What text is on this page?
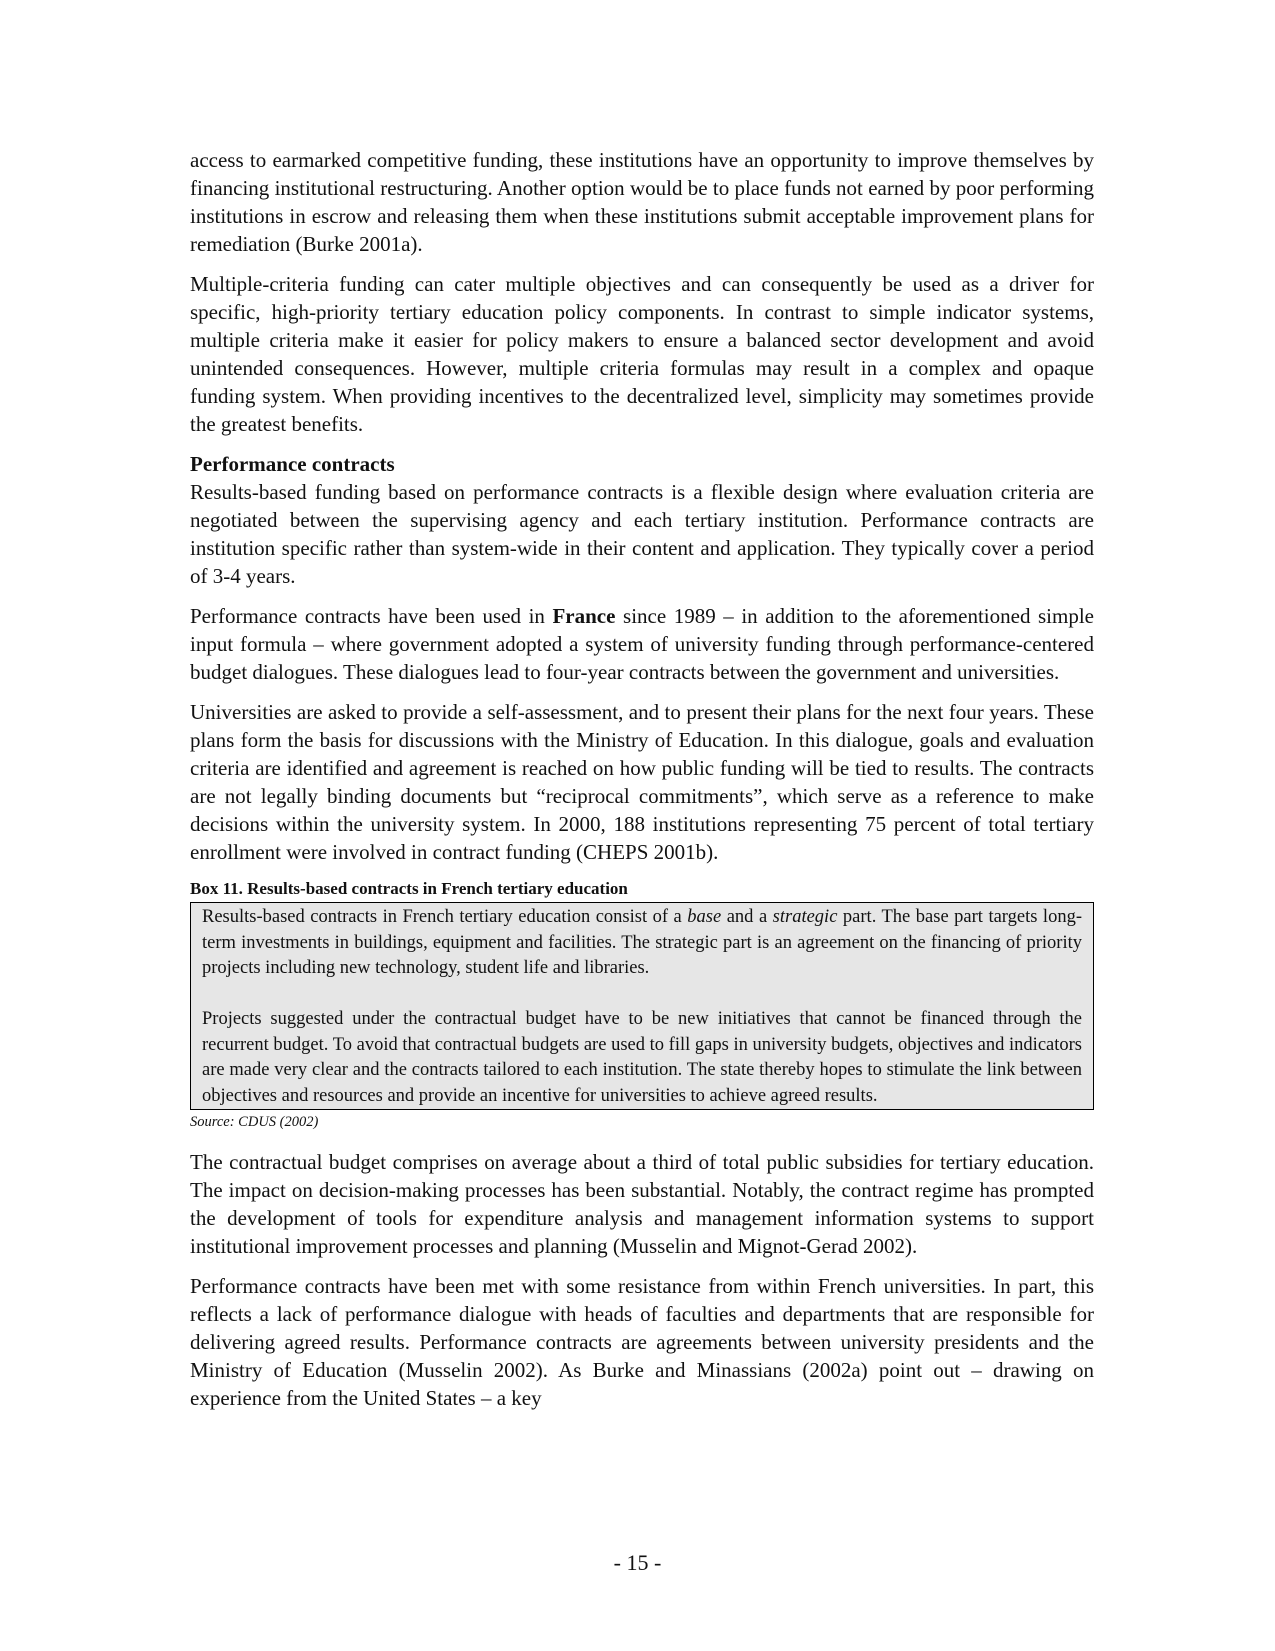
access to earmarked competitive funding, these institutions have an opportunity to improve themselves by financing institutional restructuring. Another option would be to place funds not earned by poor performing institutions in escrow and releasing them when these institutions submit acceptable improvement plans for remediation (Burke 2001a).

Multiple-criteria funding can cater multiple objectives and can consequently be used as a driver for specific, high-priority tertiary education policy components. In contrast to simple indicator systems, multiple criteria make it easier for policy makers to ensure a balanced sector development and avoid unintended consequences. However, multiple criteria formulas may result in a complex and opaque funding system. When providing incentives to the decentralized level, simplicity may sometimes provide the greatest benefits.

Performance contracts

Results-based funding based on performance contracts is a flexible design where evaluation criteria are negotiated between the supervising agency and each tertiary institution. Performance contracts are institution specific rather than system-wide in their content and application. They typically cover a period of 3-4 years.

Performance contracts have been used in France since 1989 – in addition to the aforementioned simple input formula – where government adopted a system of university funding through performance-centered budget dialogues. These dialogues lead to four-year contracts between the government and universities.

Universities are asked to provide a self-assessment, and to present their plans for the next four years. These plans form the basis for discussions with the Ministry of Education. In this dialogue, goals and evaluation criteria are identified and agreement is reached on how public funding will be tied to results. The contracts are not legally binding documents but “reciprocal commitments”, which serve as a reference to make decisions within the university system. In 2000, 188 institutions representing 75 percent of total tertiary enrollment were involved in contract funding (CHEPS 2001b).

Box 11. Results-based contracts in French tertiary education

Results-based contracts in French tertiary education consist of a base and a strategic part. The base part targets long-term investments in buildings, equipment and facilities. The strategic part is an agreement on the financing of priority projects including new technology, student life and libraries.

Projects suggested under the contractual budget have to be new initiatives that cannot be financed through the recurrent budget. To avoid that contractual budgets are used to fill gaps in university budgets, objectives and indicators are made very clear and the contracts tailored to each institution. The state thereby hopes to stimulate the link between objectives and resources and provide an incentive for universities to achieve agreed results.

Source: CDUS (2002)

The contractual budget comprises on average about a third of total public subsidies for tertiary education. The impact on decision-making processes has been substantial. Notably, the contract regime has prompted the development of tools for expenditure analysis and management information systems to support institutional improvement processes and planning (Musselin and Mignot-Gerad 2002).

Performance contracts have been met with some resistance from within French universities. In part, this reflects a lack of performance dialogue with heads of faculties and departments that are responsible for delivering agreed results. Performance contracts are agreements between university presidents and the Ministry of Education (Musselin 2002). As Burke and Minassians (2002a) point out – drawing on experience from the United States – a key

- 15 -
